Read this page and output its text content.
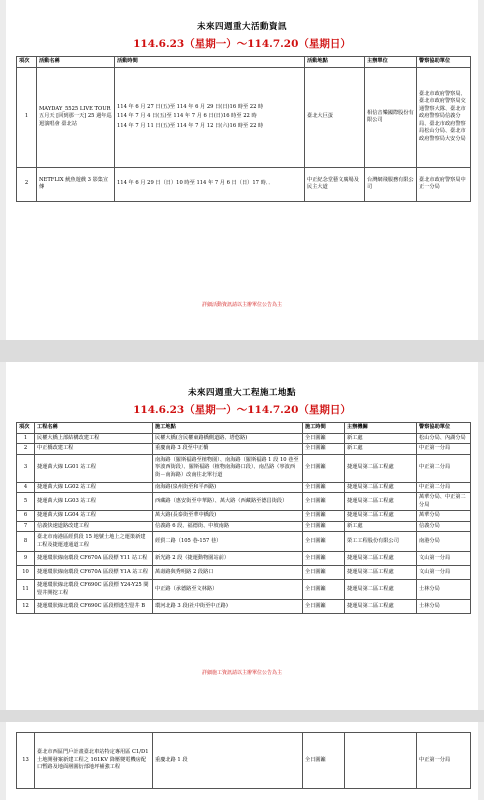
未來四週重大活動資訊
114.6.23（星期一）～114.7.20（星期日）
項次	活動名稱	活動時間	活動地點	主辦單位	警察協助單位
1	MAYDAY_5525 LIVE TOUR 五月天 [回到那一天] 25 週年巡迴演唱會 臺北站	114 年 6 月 27 日(五)至 114 年 6 月 29 日(日)16 時至 22 時
114 年 7 月 4 日(五)至 114 年 7 月 6 日(日)16 時至 22 時
114 年 7 月 11 日(五)至 114 年 7 月 12 日(六)16 時至 22 時	臺北大巨蛋	相信音樂國際股份有限公司	臺北市政府警察局、臺北市政府警察局交通警察大隊、臺北市政府警察局信義分局、臺北市政府警察局松山分局、臺北市政府警察局大安分局
2	NETFLIX 魷魚遊戲 3 影集宣傳	114 年 6 月 29 日（日）10 時至 114 年 7 月 6 日（日）17 時．．	中正紀念堂藝文廣場及民主大道	台灣網飛服務有限公司	臺北市政府警察局中正一分局
詳細活動資訊請以主辦單位公告為主
未來四週重大工程施工地點
114.6.23（星期一）～114.7.20（星期日）
項次	工程名稱	施工地點	施工時間	主辦機關	警察協助單位
1	民權大橋上部結構改建工程	民權大橋(含民權東路橋側道路、塔悠路)	全日圍籬	新工處	松山分局、內湖分局
2	中正橋改建工程	重慶南路 3 段至中正橋	全日圍籬	新工處	中正第一分局
3	捷運萬大線 LG01 站工程	南海路（羅斯福路至植物園）、南海路（羅斯福路 1 段 10 巷至寧波西街段）、羅斯福路（植物南海路口段）、南昌路（寧波西街－南海路）改南往北單行道	全日圍籬	捷運局第二區工程處	中正第二分局
4	捷運萬大線 LG02 站工程	南海路(泉州街至和平西路)	全日圍籬	捷運局第二區工程處	中正第二分局
5	捷運萬大線 LG03 站工程	西藏路（惠安街至中華路）、萬大路（西藏路至德昌街段）	全日圍籬	捷運局第二區工程處	萬華分局、中正第二分局
6	捷運萬大線 LG04 站工程	萬大路(長泰街至華中橋段)	全日圍籬	捷運局第二區工程處	萬華分局
7	信義快速道路改建工程	信義路 6 段、福德街、中坡南路	全日圍籬	新工處	信義分局
8	臺北市南港區經貿段 15 地號土地上之運策新建工程及捷運連通道工程	經貿二路（105 巷-157 巷）	全日圍籬	榮工工程股份有限公司	南港分局
9	捷運環狀線南環段 CF670A 區段標 Y11 站工程	新光路 2 段（捷運動物園站前）	全日圍籬	捷運局第二區工程處	文山第一分局
10	捷運環狀線南環段 CF670A 區段標 Y1A 站工程	萬壽路與秀明路 2 段路口	全日圍籬	捷運局第二區工程處	文山第一分局
11	捷運環狀線北環段 CF690C 區段標 Y24-Y25 間豎井開挖工程	中正路（承德路至文林路）	全日圍籬	捷運局第二區工程處	士林分局
12	捷運環狀線北環段 CF690C 區段標逃生豎井 B	環河北路 3 段(社中街至中正路)	全日圍籬	捷運局第二區工程處	士林分局
詳細施工資訊請以主辦單位公告為主
13	臺北市西區門戶計畫臺北車站特定專用區 C1/D1 土地開發案新建工程之 161KV 降壓變電機房配口暫路及地面層圍衍部地坪補強工程	重慶北路 1 段	全日圍籬		中正第一分局
